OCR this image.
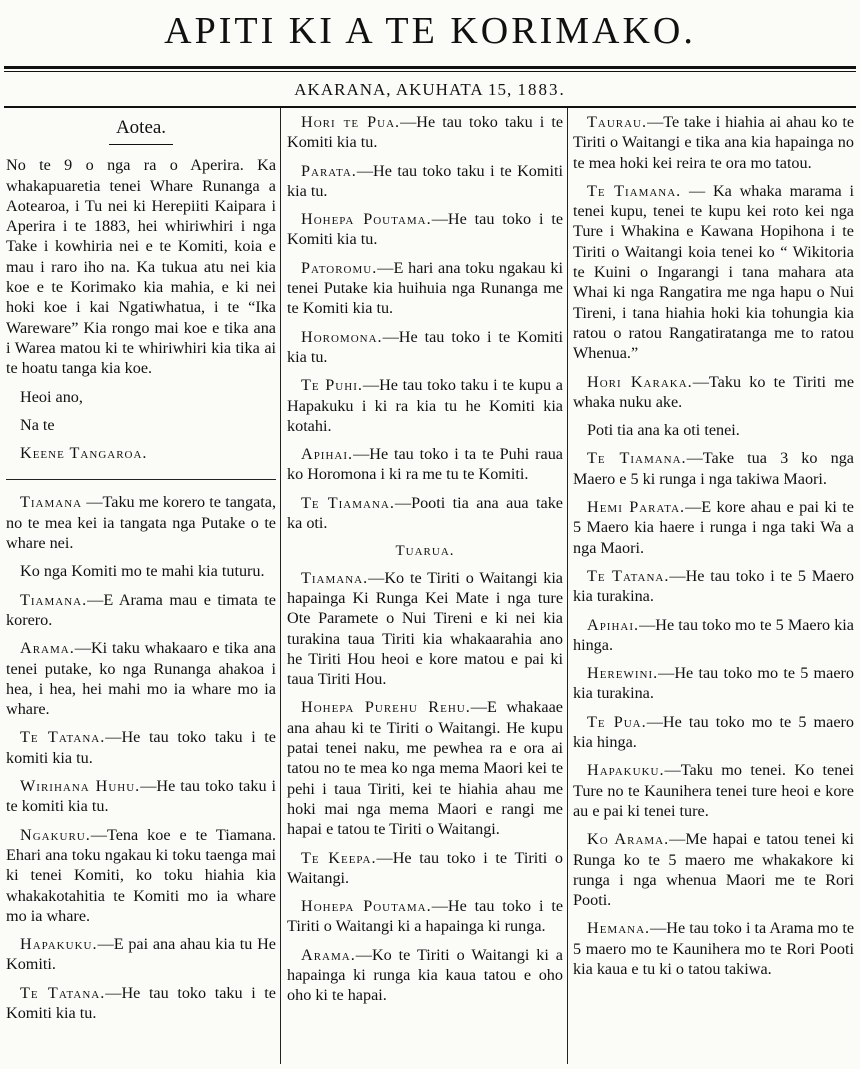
APITI KI A TE KORIMAKO.
AKARANA, AKUHATA 15, 1883.
Aotea.

No te 9 o nga ra o Aperira. Ka whakapuaretia tenei Whare Runanga a Aotearoa, i Tu nei ki Herepiiti Kaipara i Aperira i te 1883, hei whiriwhiri i nga Take i kowhiria nei e te Komiti, koia e mau i raro iho na. Ka tukua atu nei kia koe e te Korimako kia mahia, e ki nei hoki koe i kai Ngatiwhatua, i te “Ika Wareware” Kia rongo mai koe e tika ana i Warea matou ki te whiriwhiri kia tika ai te hoatu tanga kia koe.

Heoi ano,

Na te

Keene Tangaroa.

Tiamana —Taku me korero te tangata, no te mea kei ia tangata nga Putake o te whare nei.

Ko nga Komiti mo te mahi kia tuturu.

Tiamana.—E Arama mau e timata te korero.

Arama.—Ki taku whakaaro e tika ana tenei putake, ko nga Runanga ahakoa i hea, i hea, hei mahi mo ia whare mo ia whare.

Te Tatana.—He tau toko taku i te komiti kia tu.

Wirihana Huhu.—He tau toko taku i te komiti kia tu.

Ngakuru.—Tena koe e te Tiamana. Ehari ana toku ngakau ki toku taenga mai ki tenei Komiti, ko toku hiahia kia whakakotahitia te Komiti mo ia whare mo ia whare.

Hapakuku.—E pai ana ahau kia tu He Komiti.

Te Tatana.—He tau toko taku i te Komiti kia tu.

Hori te Pua.—He tau toko taku i te Komiti kia tu.

Parata.—He tau toko taku i te Komiti kia tu.

Hohepa Poutama.—He tau toko i te Komiti kia tu.

Patoromu.—E hari ana toku ngakau ki tenei Putake kia huihuia nga Runanga me te Komiti kia tu.

Horomona.—He tau toko i te Komiti kia tu.

Te Puhi.—He tau toko taku i te kupu a Hapakuku i ki ra kia tu he Komiti kia kotahi.

Apihai.—He tau toko i ta te Puhi raua ko Horomona i ki ra me tu te Komiti.

Te Tiamana.—Pooti tia ana aua take ka oti.

Tuarua.

Tiamana.—Ko te Tiriti o Waitangi kia hapainga Ki Runga Kei Mate i nga ture Ote Paramete o Nui Tireni e ki nei kia turakina taua Tiriti kia whakaarahia ano he Tiriti Hou heoi e kore matou e pai ki taua Tiriti Hou.

Hohepa Purehu Rehu.—E whakaae ana ahau ki te Tiriti o Waitangi. He kupu patai tenei naku, me pewhea ra e ora ai tatou no te mea ko nga mema Maori kei te pehi i taua Tiriti, kei te hiahia ahau me hoki mai nga mema Maori e rangi me hapai e tatou te Tiriti o Waitangi.

Te Keepa.—He tau toko i te Tiriti o Waitangi.

Hohepa Poutama.—He tau toko i te Tiriti o Waitangi ki a hapainga ki runga.

Arama.—Ko te Tiriti o Waitangi ki a hapainga ki runga kia kaua tatou e oho oho ki te hapai.

Taurau.—Te take i hiahia ai ahau ko te Tiriti o Waitangi e tika ana kia hapainga no te mea hoki kei reira te ora mo tatou.

Te Tiamana. — Ka whaka marama i tenei kupu, tenei te kupu kei roto kei nga Ture i Whakina e Kawana Hopihona i te Tiriti o Waitangi koia tenei ko “ Wikitoria te Kuini o Ingarangi i tana mahara ata Whai ki nga Rangatira me nga hapu o Nui Tireni, i tana hiahia hoki kia tohungia kia ratou o ratou Rangatiratanga me to ratou Whenua.”

Hori Karaka.—Taku ko te Tiriti me whaka nuku ake.

Poti tia ana ka oti tenei.

Te Tiamana.—Take tua 3 ko nga Maero e 5 ki runga i nga takiwa Maori.

Hemi Parata.—E kore ahau e pai ki te 5 Maero kia haere i runga i nga taki Wa a nga Maori.

Te Tatana.—He tau toko i te 5 Maero kia turakina.

Apihai.—He tau toko mo te 5 Maero kia hinga.

Herewini.—He tau toko mo te 5 maero kia turakina.

Te Pua.—He tau toko mo te 5 maero kia hinga.

Hapakuku.—Taku mo tenei. Ko tenei Ture no te Kaunihera tenei ture heoi e kore au e pai ki tenei ture.

Ko Arama.—Me hapai e tatou tenei ki Runga ko te 5 maero me whakakore ki runga i nga whenua Maori me te Rori Pooti.

Hemana.—He tau toko i ta Arama mo te 5 maero mo te Kaunihera mo te Rori Pooti kia kaua e tu ki o tatou takiwa.
